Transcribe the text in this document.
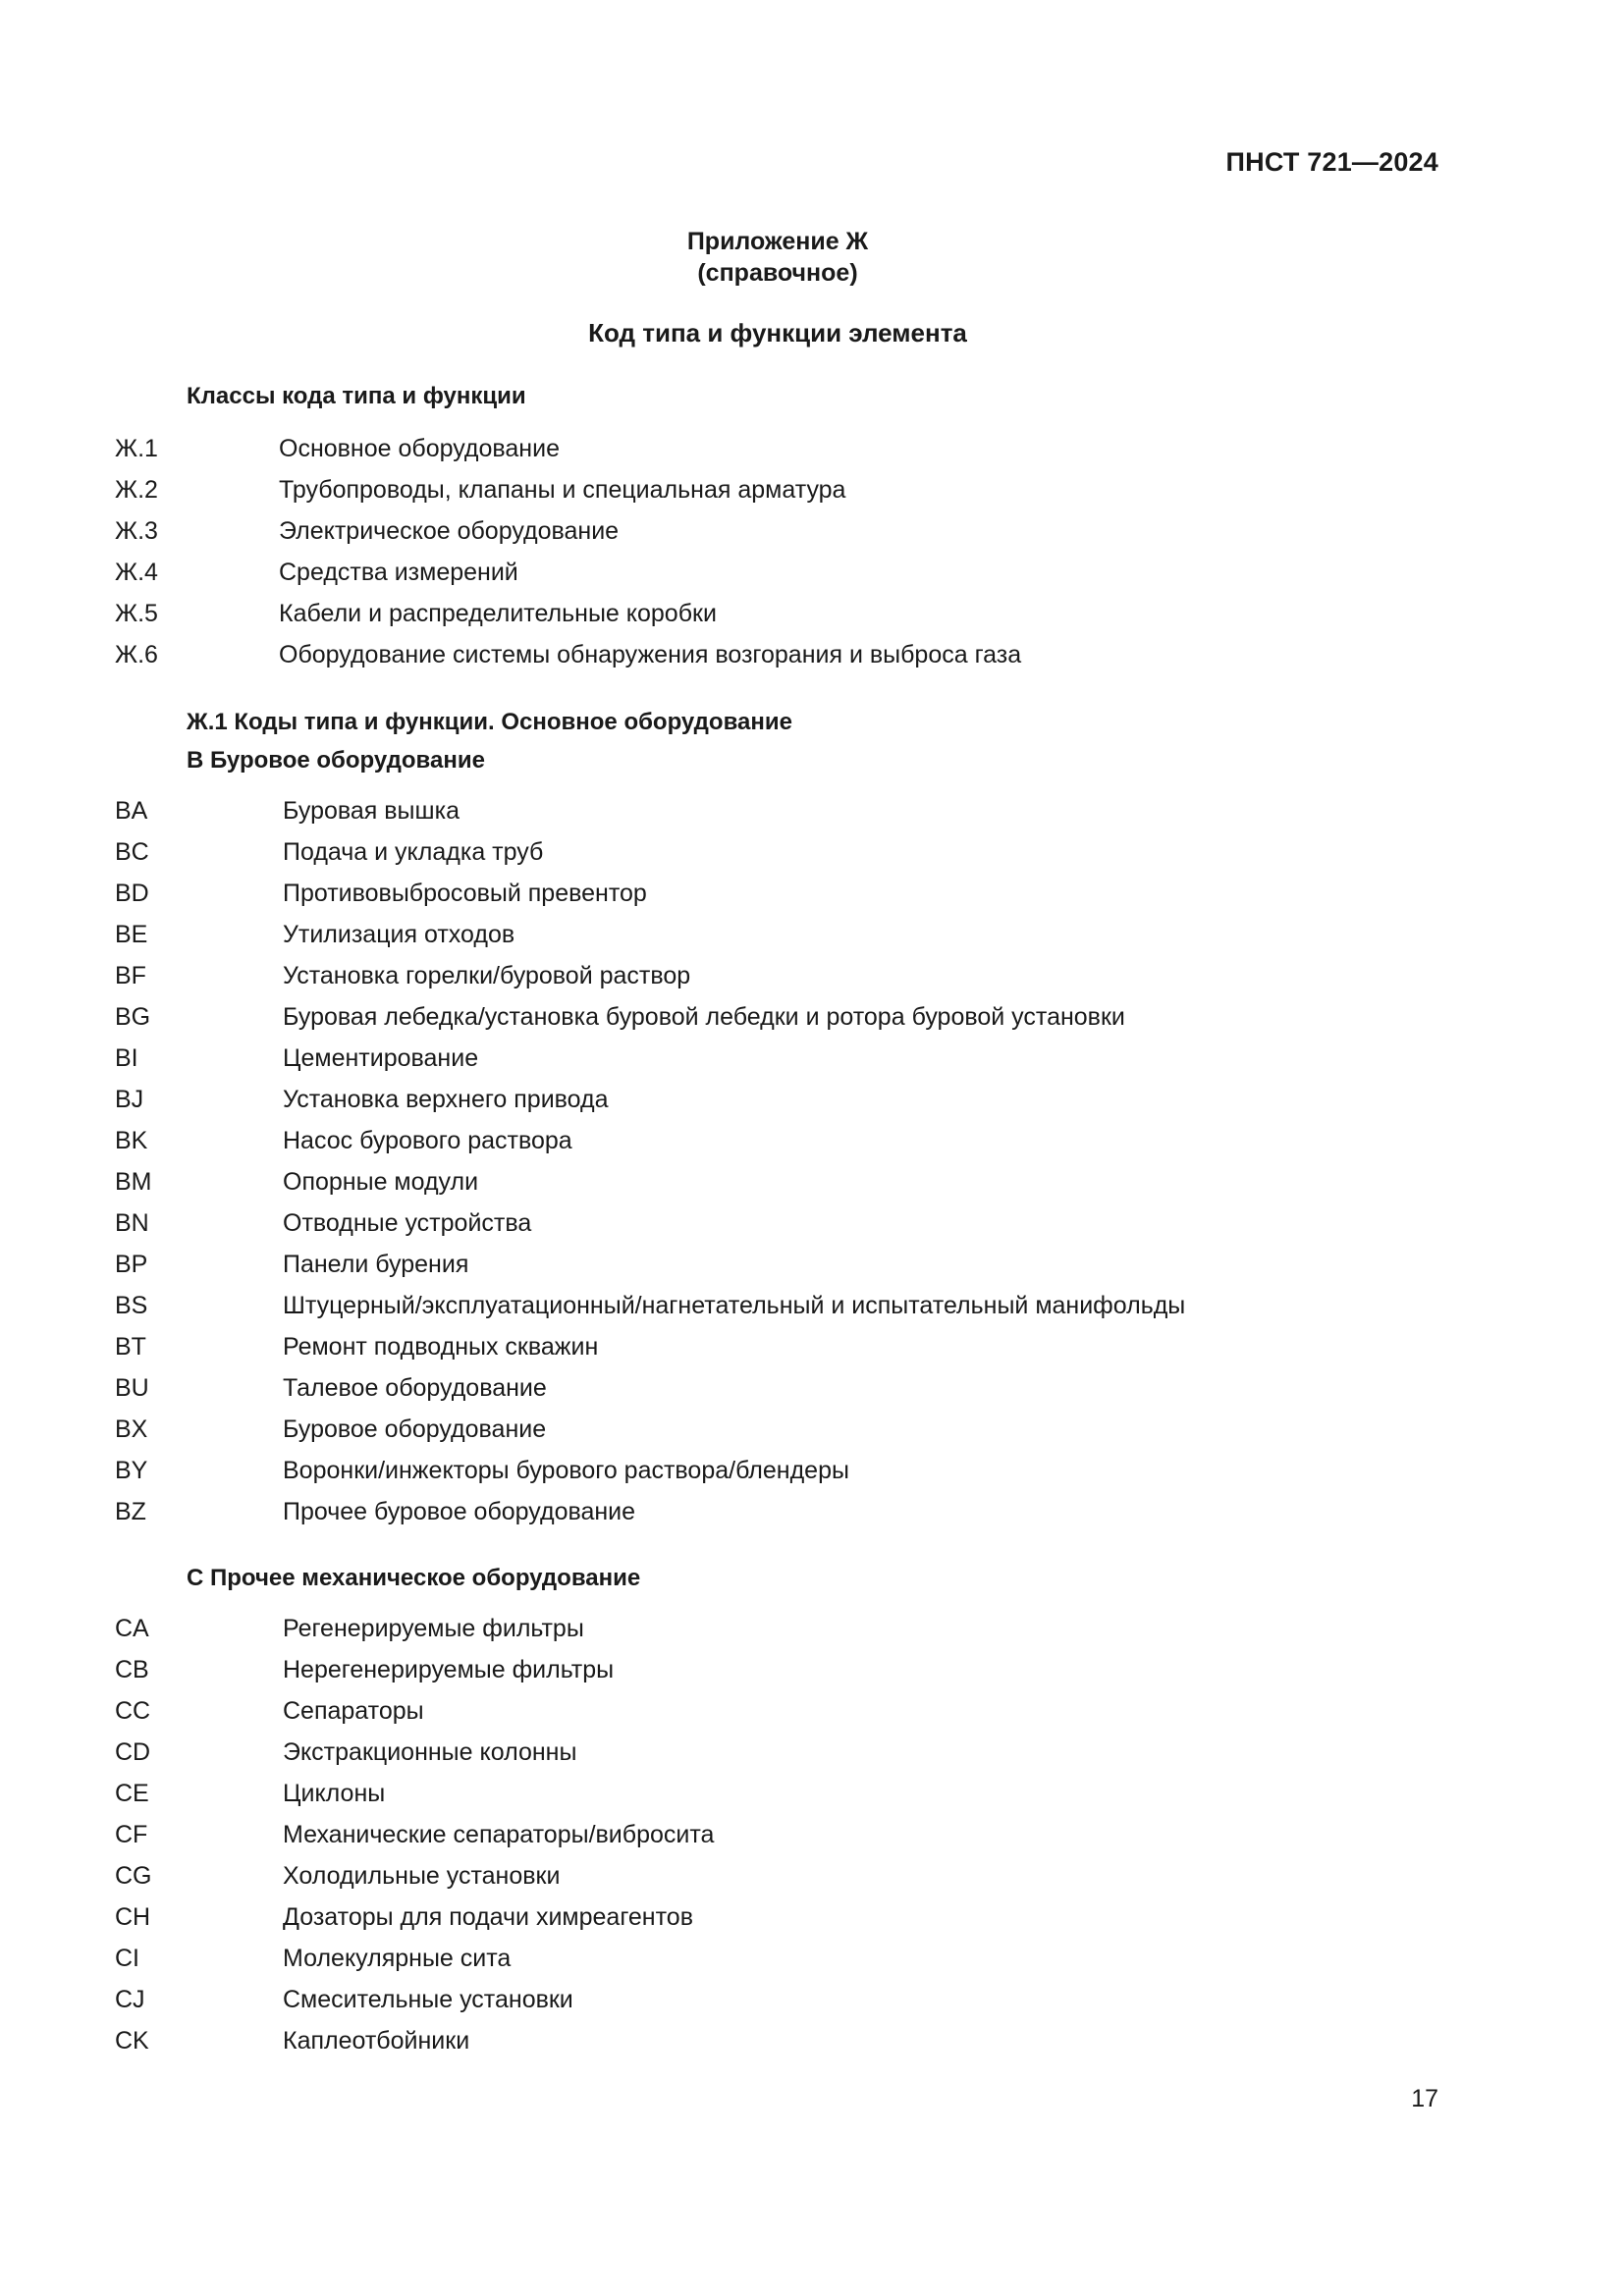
ПНСТ 721—2024
Приложение Ж
(справочное)
Код типа и функции элемента
Классы кода типа и функции
Ж.1	Основное оборудование
Ж.2	Трубопроводы, клапаны и специальная арматура
Ж.3	Электрическое оборудование
Ж.4	Средства измерений
Ж.5	Кабели и распределительные коробки
Ж.6	Оборудование системы обнаружения возгорания и выброса газа
Ж.1 Коды типа и функции. Основное оборудование
В Буровое оборудование
BA	Буровая вышка
BC	Подача и укладка труб
BD	Противовыбросовый превентор
BE	Утилизация отходов
BF	Установка горелки/буровой раствор
BG	Буровая лебедка/установка буровой лебедки и ротора буровой установки
BI	Цементирование
BJ	Установка верхнего привода
BK	Насос бурового раствора
BM	Опорные модули
BN	Отводные устройства
BP	Панели бурения
BS	Штуцерный/эксплуатационный/нагнетательный и испытательный манифольды
BT	Ремонт подводных скважин
BU	Талевое оборудование
BX	Буровое оборудование
BY	Воронки/инжекторы бурового раствора/блендеры
BZ	Прочее буровое оборудование
С Прочее механическое оборудование
CA	Регенерируемые фильтры
CB	Нерегенерируемые фильтры
CC	Сепараторы
CD	Экстракционные колонны
CE	Циклоны
CF	Механические сепараторы/вибросита
CG	Холодильные установки
CH	Дозаторы для подачи химреагентов
CI	Молекулярные сита
CJ	Смесительные установки
CK	Каплеотбойники
17
